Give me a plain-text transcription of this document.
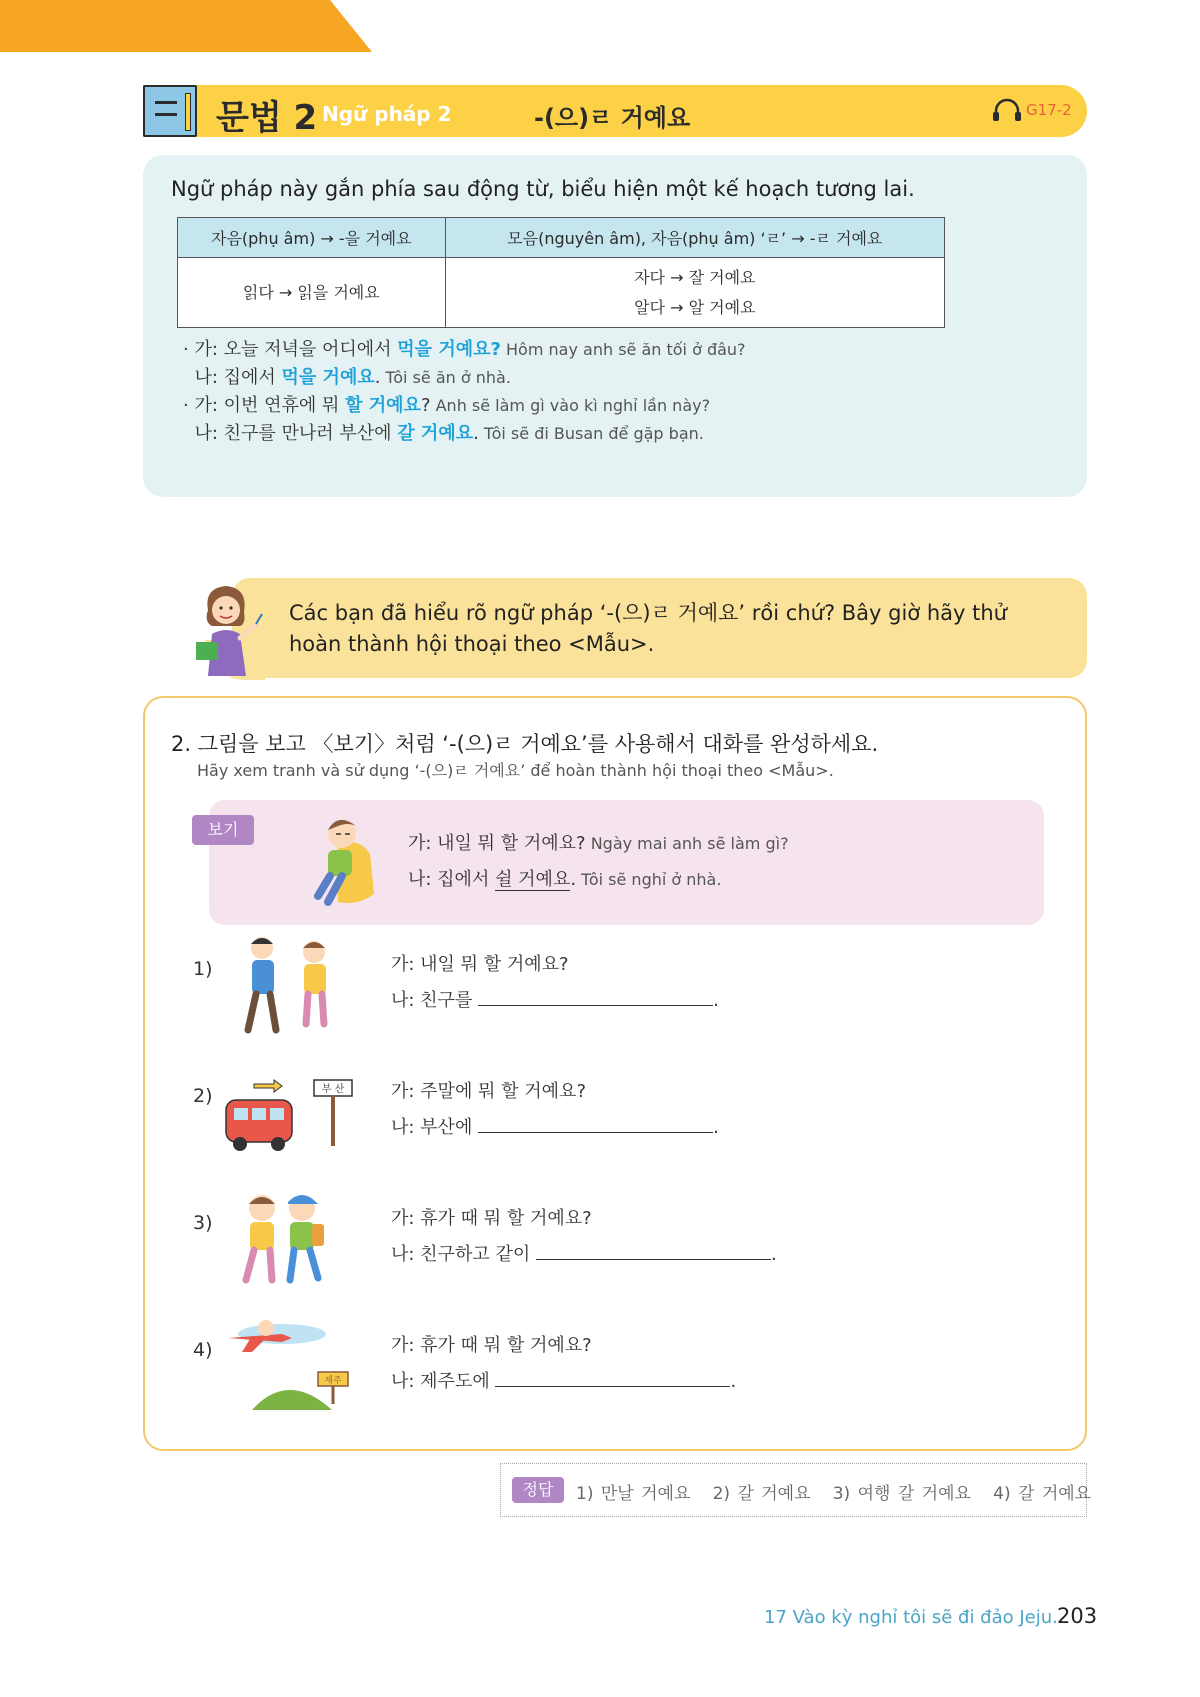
문법 2 Ngữ pháp 2	-(으)ㄹ 거예요	G17-2
Ngữ pháp này gắn phía sau động từ, biểu hiện một kế hoạch tương lai.
자음(phụ âm) → -을 거예요	모음(nguyên âm), 자음(phụ âm) ‘ㄹ’ → -ㄹ 거예요
읽다 → 읽을 거예요	자다 → 잘 거예요
알다 → 알 거예요
· 가: 오늘 저녁을 어디에서 먹을 거예요? Hôm nay anh sẽ ăn tối ở đâu?
나: 집에서 먹을 거예요. Tôi sẽ ăn ở nhà.
· 가: 이번 연휴에 뭐 할 거예요? Anh sẽ làm gì vào kì nghỉ lần này?
나: 친구를 만나러 부산에 갈 거예요. Tôi sẽ đi Busan để gặp bạn.
Các bạn đã hiểu rõ ngữ pháp ‘-(으)ㄹ 거예요’ rồi chứ? Bây giờ hãy thử hoàn thành hội thoại theo <Mẫu>.
2. 그림을 보고 〈보기〉처럼 ‘-(으)ㄹ 거예요’를 사용해서 대화를 완성하세요.
Hãy xem tranh và sử dụng ‘-(으)ㄹ 거예요’ để hoàn thành hội thoại theo <Mẫu>.
보기
가: 내일 뭐 할 거예요? Ngày mai anh sẽ làm gì?
나: 집에서 쉴 거예요. Tôi sẽ nghỉ ở nhà.
1)	가: 내일 뭐 할 거예요?
나: 친구를	.
2)	부 산	가: 주말에 뭐 할 거예요?
나: 부산에	.
3)	가: 휴가 때 뭐 할 거예요?
나: 친구하고 같이	.
4)
제주
가: 휴가 때 뭐 할 거예요?
나: 제주도에	.
정답	1) 만날 거예요   2) 갈 거예요   3) 여행 갈 거예요   4) 갈 거예요
17 Vào kỳ nghỉ tôi sẽ đi đảo Jeju. 203
